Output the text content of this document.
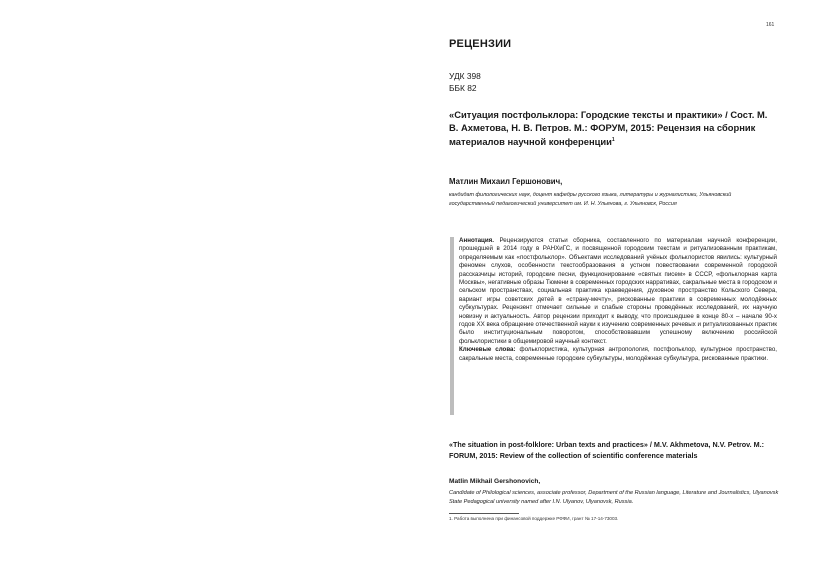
161
РЕЦЕНЗИИ
УДК 398
ББК 82
«Ситуация постфольклора: Городские тексты и практики» / Сост. М. В. Ахметова, Н. В. Петров. М.: ФОРУМ, 2015: Рецензия на сборник материалов научной конференции$^1$
Матлин Михаил Гершонович,
кандидат филологических наук, доцент кафедры русского языка, литературы и журналистики, Ульяновский государственный педагогический университет им. И. Н. Ульянова, г. Ульяновск, Россия

Аннотация. Рецензируются статьи сборника, составленного по материалам научной конференции, прошедшей в 2014 году в РАНХиГС, и посвященной городским текстам и ритуализованным практикам, определяемым как «постфольклор». Объектами исследований учёных фольклористов явились: культурный феномен слухов, особенности текстообразования в устном повествовании современной городской рассказчицы историй, городские песни, функционирование «святых писем» в СССР, «фольклорная карта Москвы», негативные образы Тюмени в современных городских нарративах, сакральные места в городском и сельском пространствах, социальная практика краеведения, духовное пространство Кольского Севера, вариант игры советских детей в «страну-мечту», рискованные практики в современных молодёжных субкультурах. Рецензент отмечает сильные и слабые стороны проведённых исследований, их научную новизну и актуальность. Автор рецензии приходит к выводу, что происшедшее в конце 80-х – начале 90-х годов XX века обращение отечественной науки к изучению современных речевых и ритуализованных практик было институциональным поворотом, способствовавшим успешному включению российской фольклористики в общемировой научный контекст.

Ключевые слова: фольклористика, культурная антропология, постфольклор, культурное пространство, сакральные места, современные городские субкультуры, молодёжная субкультура, рискованные практики.

«The situation in post-folklore: Urban texts and practices» / M.V. Akhmetova, N.V. Petrov. M.: FORUM, 2015: Review of the collection of scientific conference materials
Matlin Mikhail Gershonovich,
Candidate of Philological sciences, associate professor, Department of the Russian language, Literature and Journalistics, Ulyanovsk State Pedagogical university named after I.N. Ulyanov, Ulyanovsk, Russia.
1. Работа выполнена при финансовой поддержке РФФИ, грант № 17-14-73003.
